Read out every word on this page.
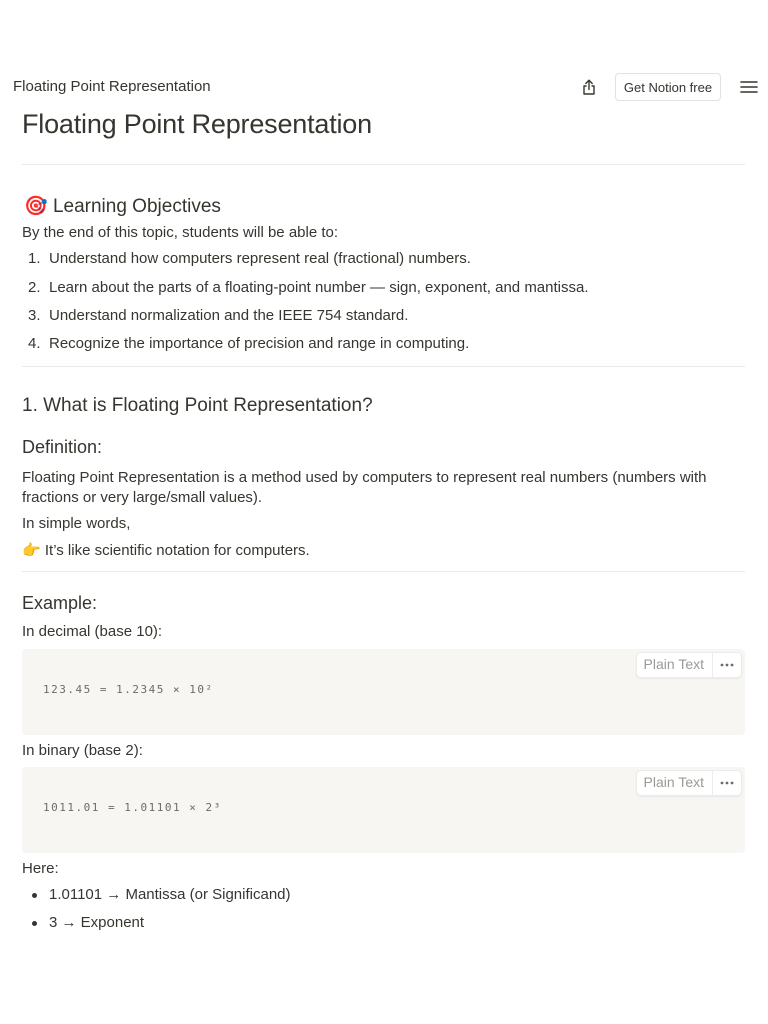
Floating Point Representation	Get Notion free
Floating Point Representation
🎯 Learning Objectives
By the end of this topic, students will be able to:
1. Understand how computers represent real (fractional) numbers.
2. Learn about the parts of a floating-point number — sign, exponent, and mantissa.
3. Understand normalization and the IEEE 754 standard.
4. Recognize the importance of precision and range in computing.
1. What is Floating Point Representation?
Definition:
Floating Point Representation is a method used by computers to represent real numbers (numbers with fractions or very large/small values).
In simple words,
👉 It’s like scientific notation for computers.
Example:
In decimal (base 10):
123.45 = 1.2345 × 10²
Plain Text
In binary (base 2):
1011.01 = 1.01101 × 2³
Plain Text
Here:
1.01101 → Mantissa (or Significand)
3 → Exponent
